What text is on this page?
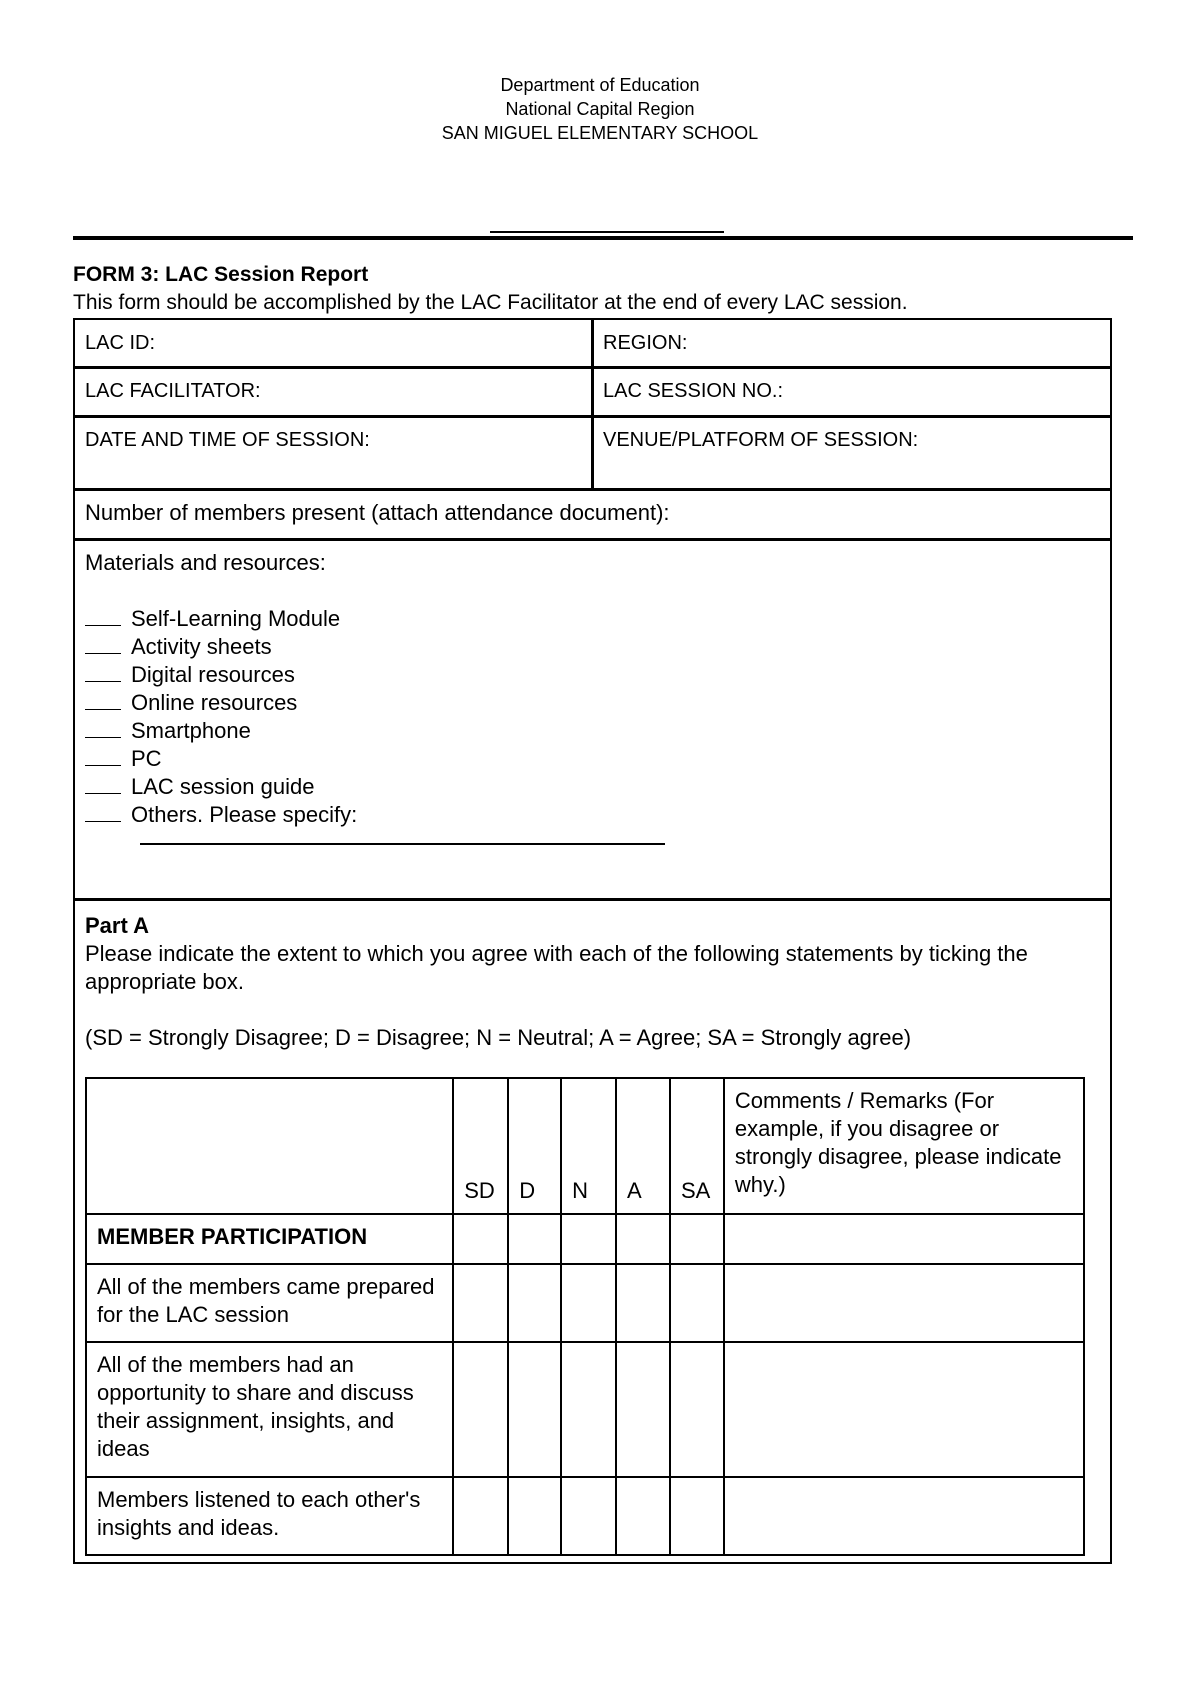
Department of Education
National Capital Region
SAN MIGUEL ELEMENTARY SCHOOL
FORM 3: LAC Session Report
This form should be accomplished by the LAC Facilitator at the end of every LAC session.
LAC ID:	REGION:
LAC FACILITATOR:	LAC SESSION NO.:
DATE AND TIME OF SESSION:	VENUE/PLATFORM OF SESSION:
Number of members present (attach attendance document):
Materials and resources:
Self-Learning Module
Activity sheets
Digital resources
Online resources
Smartphone
PC
LAC session guide
Others. Please specify:
Part A
Please indicate the extent to which you agree with each of the following statements by ticking the appropriate box.
(SD = Strongly Disagree; D = Disagree; N = Neutral; A = Agree; SA = Strongly agree)
	SD	D	N	A	SA	Comments / Remarks (For example, if you disagree or strongly disagree, please indicate why.)
MEMBER PARTICIPATION						
All of the members came prepared for the LAC session						
All of the members had an opportunity to share and discuss their assignment, insights, and ideas						
Members listened to each other's insights and ideas.						
